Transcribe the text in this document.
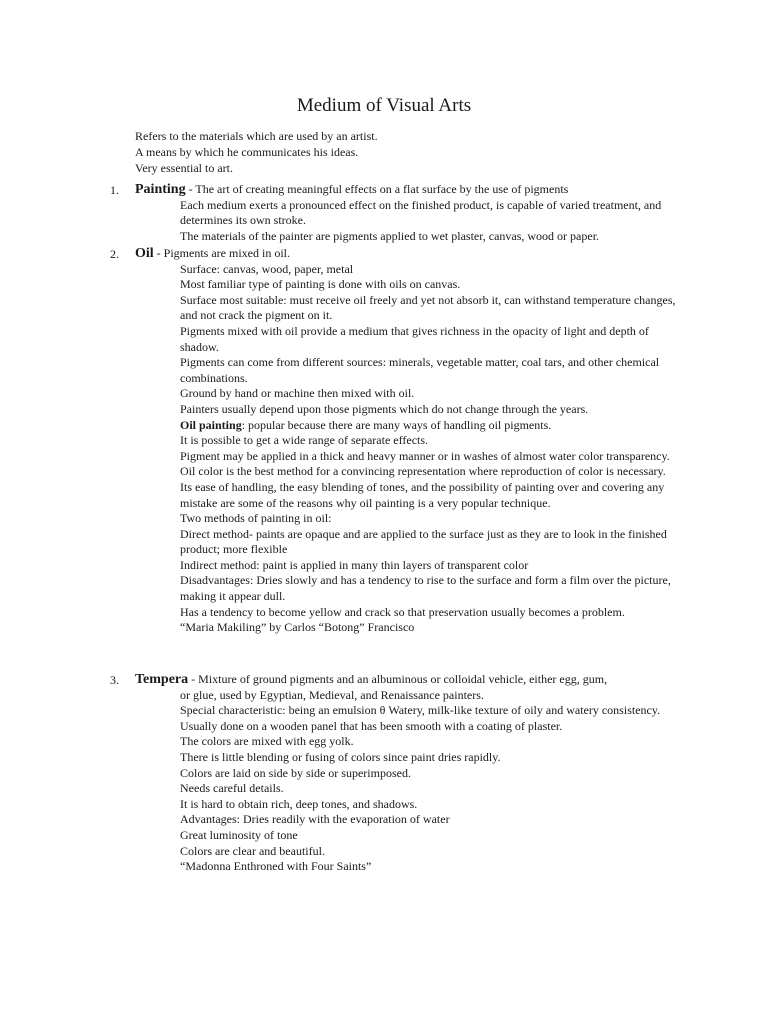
Medium of Visual Arts
Refers to the materials which are used by an artist.
A means by which he communicates his ideas.
Very essential to art.
1. Painting - The art of creating meaningful effects on a flat surface by the use of pigments
Each medium exerts a pronounced effect on the finished product, is capable of varied treatment, and determines its own stroke.
The materials of the painter are pigments applied to wet plaster, canvas, wood or paper.
2. Oil - Pigments are mixed in oil.
Surface: canvas, wood, paper, metal
Most familiar type of painting is done with oils on canvas.
Surface most suitable: must receive oil freely and yet not absorb it, can withstand temperature changes, and not crack the pigment on it.
Pigments mixed with oil provide a medium that gives richness in the opacity of light and depth of shadow.
Pigments can come from different sources: minerals, vegetable matter, coal tars, and other chemical combinations.
Ground by hand or machine then mixed with oil.
Painters usually depend upon those pigments which do not change through the years.
Oil painting: popular because there are many ways of handling oil pigments.
It is possible to get a wide range of separate effects.
Pigment may be applied in a thick and heavy manner or in washes of almost water color transparency.
Oil color is the best method for a convincing representation where reproduction of color is necessary.
Its ease of handling, the easy blending of tones, and the possibility of painting over and covering any mistake are some of the reasons why oil painting is a very popular technique.
Two methods of painting in oil:
Direct method- paints are opaque and are applied to the surface just as they are to look in the finished product; more flexible
Indirect method: paint is applied in many thin layers of transparent color
Disadvantages: Dries slowly and has a tendency to rise to the surface and form a film over the picture, making it appear dull.
Has a tendency to become yellow and crack so that preservation usually becomes a problem.
“Maria Makiling” by Carlos “Botong” Francisco
3. Tempera - Mixture of ground pigments and an albuminous or colloidal vehicle, either egg, gum,
or glue, used by Egyptian, Medieval, and Renaissance painters.
Special characteristic: being an emulsion θ Watery, milk-like texture of oily and watery consistency.
Usually done on a wooden panel that has been smooth with a coating of plaster.
The colors are mixed with egg yolk.
There is little blending or fusing of colors since paint dries rapidly.
Colors are laid on side by side or superimposed.
Needs careful details.
It is hard to obtain rich, deep tones, and shadows.
Advantages: Dries readily with the evaporation of water
Great luminosity of tone
Colors are clear and beautiful.
“Madonna Enthroned with Four Saints”
